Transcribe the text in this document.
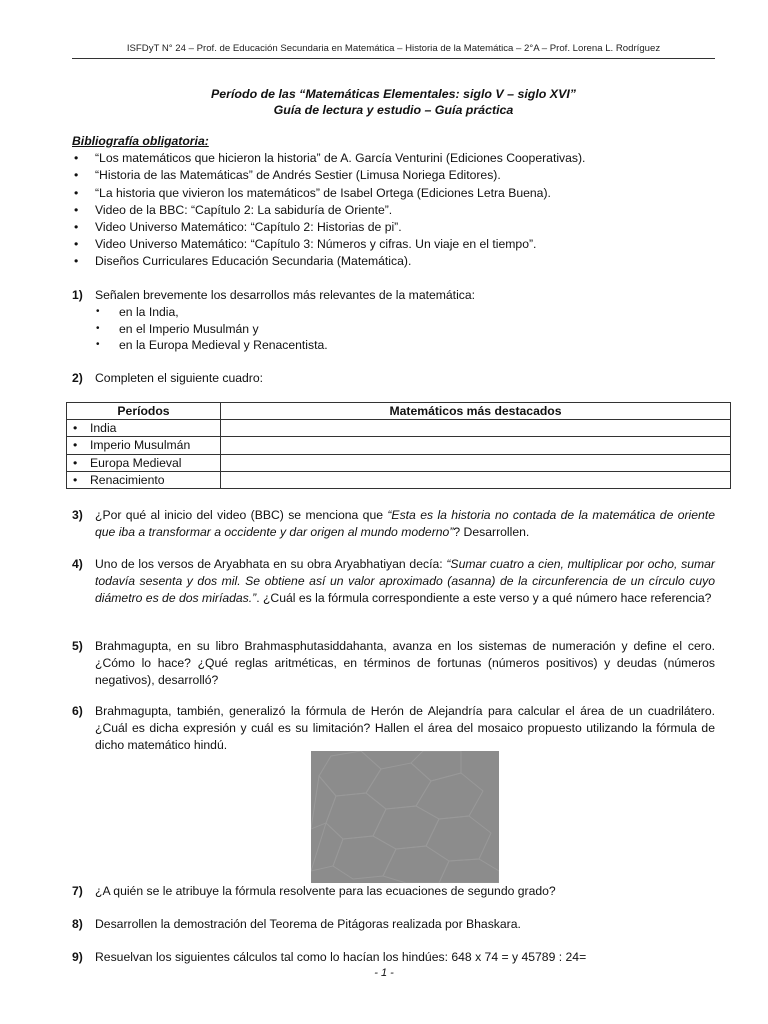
ISFDyT N° 24 – Prof. de Educación Secundaria en Matemática – Historia de la Matemática – 2°A – Prof. Lorena L. Rodríguez
Período de las “Matemáticas Elementales: siglo V – siglo XVI”
Guía de lectura y estudio – Guía práctica
Bibliografía obligatoria:
• “Los matemáticos que hicieron la historia” de A. García Venturini (Ediciones Cooperativas).
• “Historia de las Matemáticas” de Andrés Sestier (Limusa Noriega Editores).
• “La historia que vivieron los matemáticos” de Isabel Ortega (Ediciones Letra Buena).
• Video de la BBC: “Capítulo 2: La sabiduría de Oriente”.
• Video Universo Matemático: “Capítulo 2: Historias de pi”.
• Video Universo Matemático: “Capítulo 3: Números y cifras. Un viaje en el tiempo”.
• Diseños Curriculares Educación Secundaria (Matemática).
1) Señalen brevemente los desarrollos más relevantes de la matemática:
• en la India,
• en el Imperio Musulmán y
• en la Europa Medieval y Renacentista.
2) Completen el siguiente cuadro:
Períodos	Matemáticos más destacados
• India	
• Imperio Musulmán	
• Europa Medieval	
• Renacimiento	
3) ¿Por qué al inicio del video (BBC) se menciona que “Esta es la historia no contada de la matemática de oriente que iba a transformar a occidente y dar origen al mundo moderno”? Desarrollen.
4) Uno de los versos de Aryabhata en su obra Aryabhatiyan decía: “Sumar cuatro a cien, multiplicar por ocho, sumar todavía sesenta y dos mil. Se obtiene así un valor aproximado (asanna) de la circunferencia de un círculo cuyo diámetro es de dos miríadas.”. ¿Cuál es la fórmula correspondiente a este verso y a qué número hace referencia?
5) Brahmagupta, en su libro Brahmasphutasiddahanta, avanza en los sistemas de numeración y define el cero. ¿Cómo lo hace? ¿Qué reglas aritméticas, en términos de fortunas (números positivos) y deudas (números negativos), desarrolló?
6) Brahmagupta, también, generalizó la fórmula de Herón de Alejandría para calcular el área de un cuadrilátero. ¿Cuál es dicha expresión y cuál es su limitación? Hallen el área del mosaico propuesto utilizando la fórmula de dicho matemático hindú.
7) ¿A quién se le atribuye la fórmula resolvente para las ecuaciones de segundo grado?
8) Desarrollen la demostración del Teorema de Pitágoras realizada por Bhaskara.
9) Resuelvan los siguientes cálculos tal como lo hacían los hindúes: 648 x 74 = y 45789 : 24=
- 1 -
